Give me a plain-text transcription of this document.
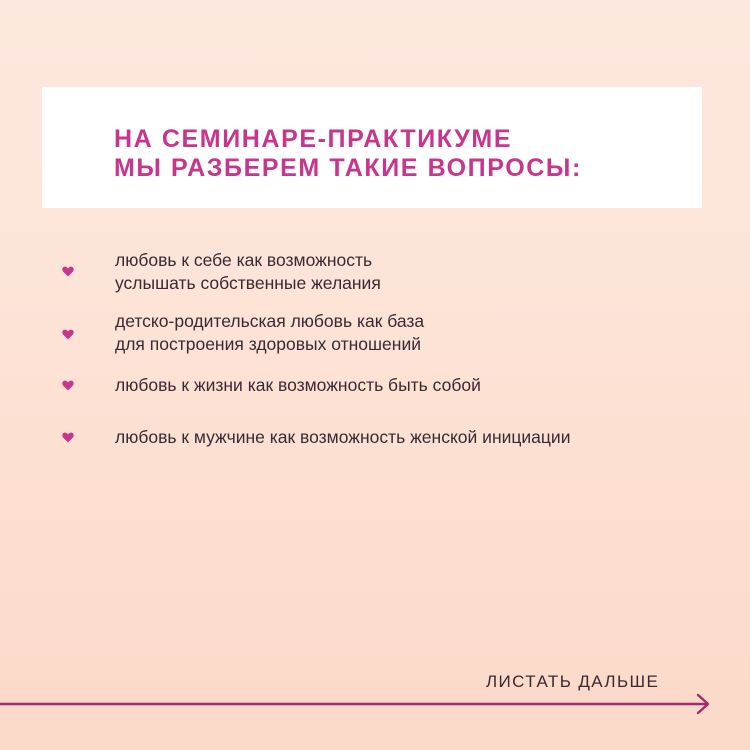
НА СЕМИНАРЕ-ПРАКТИКУМЕ
МЫ РАЗБЕРЕМ ТАКИЕ ВОПРОСЫ:
любовь к себе как возможность
услышать собственные желания
детско-родительская любовь как база
для построения здоровых отношений
любовь к жизни как возможность быть собой
любовь к мужчине как возможность женской инициации
ЛИСТАТЬ ДАЛЬШЕ
